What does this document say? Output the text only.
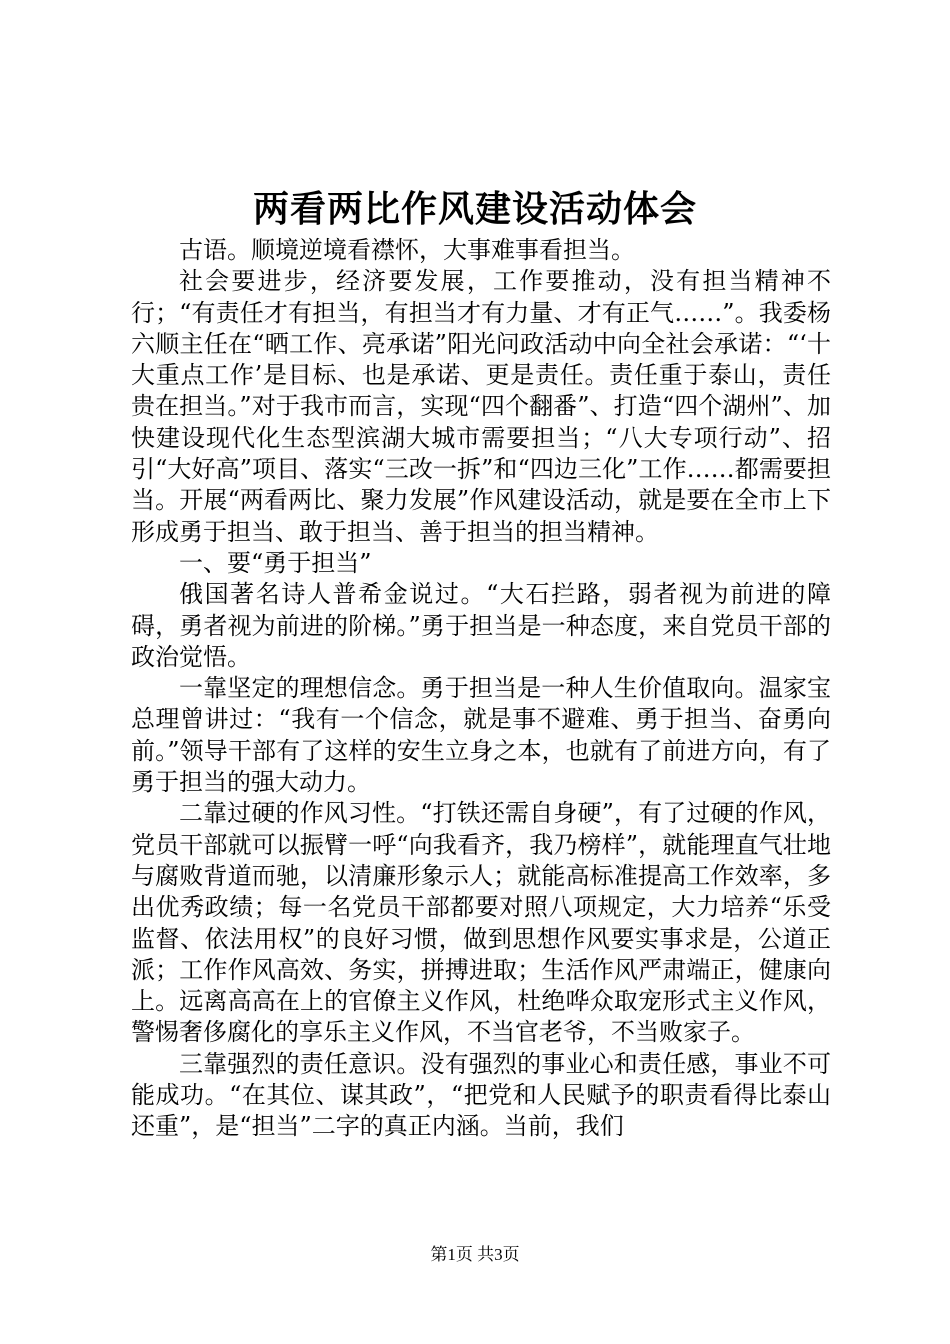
两看两比作风建设活动体会

古语。顺境逆境看襟怀，大事难事看担当。

社会要进步，经济要发展，工作要推动，没有担当精神不行；“有责任才有担当，有担当才有力量、才有正气……”。我委杨六顺主任在“晒工作、亮承诺”阳光问政活动中向全社会承诺：“‘十大重点工作’是目标、也是承诺、更是责任。责任重于泰山，责任贵在担当。”对于我市而言，实现“四个翻番”、打造“四个湖州”、加快建设现代化生态型滨湖大城市需要担当；“八大专项行动”、招引“大好高”项目、落实“三改一拆”和“四边三化”工作……都需要担当。开展“两看两比、聚力发展”作风建设活动，就是要在全市上下形成勇于担当、敢于担当、善于担当的担当精神。

一、要“勇于担当”

俄国著名诗人普希金说过。“大石拦路，弱者视为前进的障碍，勇者视为前进的阶梯。”勇于担当是一种态度，来自党员干部的政治觉悟。

一靠坚定的理想信念。勇于担当是一种人生价值取向。温家宝总理曾讲过：“我有一个信念，就是事不避难、勇于担当、奋勇向前。”领导干部有了这样的安生立身之本，也就有了前进方向，有了勇于担当的强大动力。

二靠过硬的作风习性。“打铁还需自身硬”，有了过硬的作风，党员干部就可以振臂一呼“向我看齐，我乃榜样”，就能理直气壮地与腐败背道而驰，以清廉形象示人；就能高标准提高工作效率，多出优秀政绩；每一名党员干部都要对照八项规定，大力培养“乐受监督、依法用权”的良好习惯，做到思想作风要实事求是，公道正派；工作作风高效、务实，拼搏进取；生活作风严肃端正，健康向上。远离高高在上的官僚主义作风，杜绝哗众取宠形式主义作风，警惕奢侈腐化的享乐主义作风，不当官老爷，不当败家子。

三靠强烈的责任意识。没有强烈的事业心和责任感，事业不可能成功。“在其位、谋其政”，“把党和人民赋予的职责看得比泰山还重”，是“担当”二字的真正内涵。当前，我们

第1页 共3页
